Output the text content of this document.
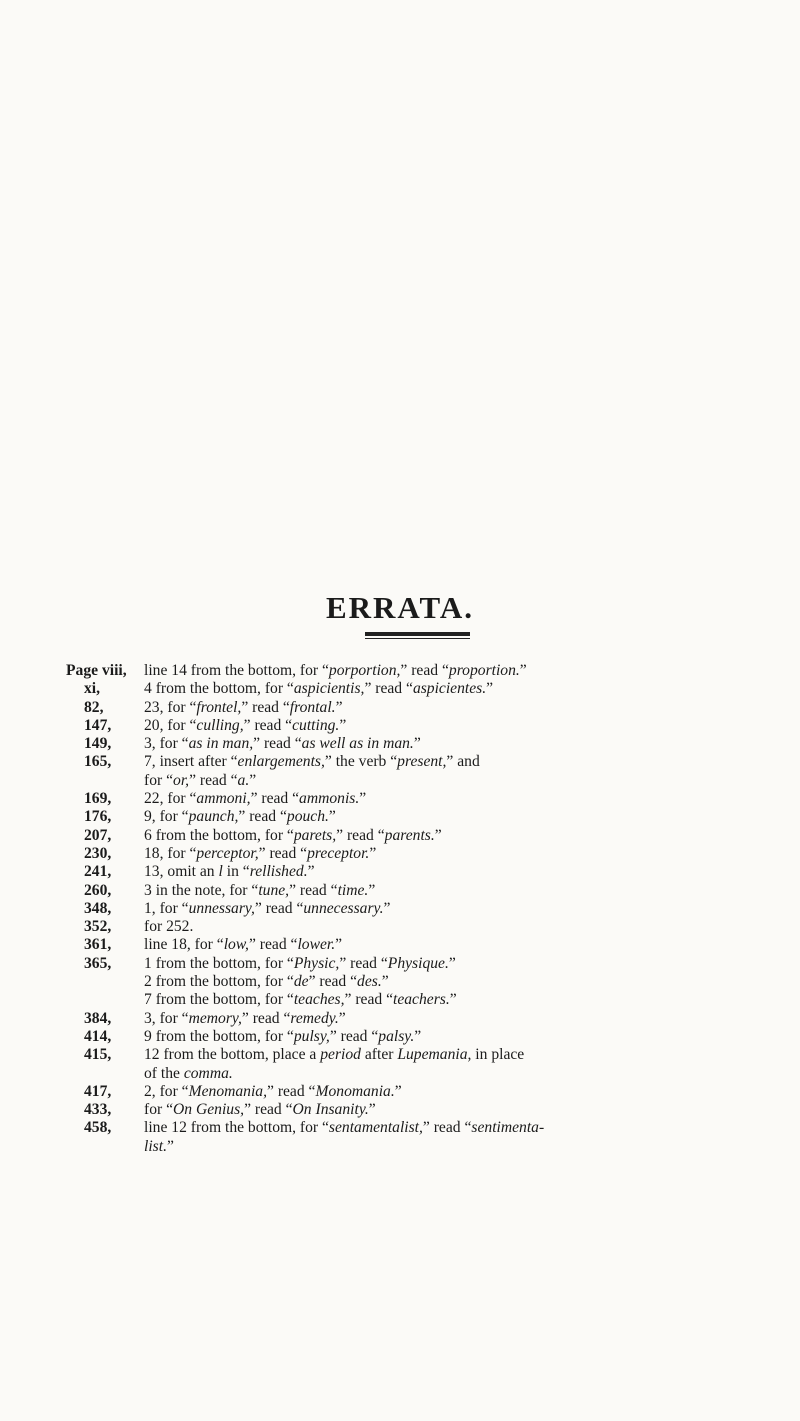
ERRATA.
Page viii,	line 14 from the bottom, for “porportion,” read “proportion.”
xi,	4 from the bottom, for “aspicientis,” read “aspicientes.”
82,	23, for “frontel,” read “frontal.”
147,	20, for “culling,” read “cutting.”
149,	3, for “as in man,” read “as well as in man.”
165,	7, insert after “enlargements,” the verb “present,” and
for “or,” read “a.”
169,	22, for “ammoni,” read “ammonis.”
176,	9, for “paunch,” read “pouch.”
207,	6 from the bottom, for “parets,” read “parents.”
230,	18, for “perceptor,” read “preceptor.”
241,	13, omit an l in “rellished.”
260,	3 in the note, for “tune,” read “time.”
348,	1, for “unnessary,” read “unnecessary.”
352,	for 252.
361,	line 18, for “low,” read “lower.”
365,	1 from the bottom, for “Physic,” read “Physique.”
2 from the bottom, for “de” read “des.”
7 from the bottom, for “teaches,” read “teachers.”
384,	3, for “memory,” read “remedy.”
414,	9 from the bottom, for “pulsy,” read “palsy.”
415,	12 from the bottom, place a period after Lupemania, in place
of the comma.
417,	2, for “Menomania,” read “Monomania.”
433,	for “On Genius,” read “On Insanity.”
458,	line 12 from the bottom, for “sentamentalist,” read “sentimenta-
list.”
